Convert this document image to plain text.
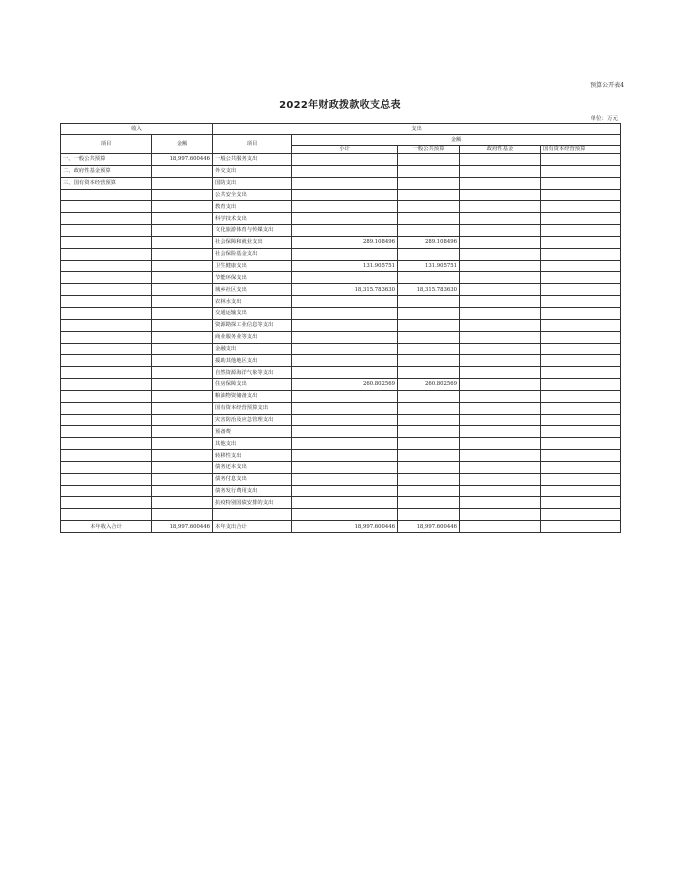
预算公开表4
2022年财政拨款收支总表
单位：万元
收入		支出				
项目	金额	项目	金额			
			小计	一般公共预算	政府性基金	国有资本经营预算
一、一般公共预算	18,997.600446	一般公共服务支出				
二、政府性基金预算		外交支出				
三、国有资本经营预算		国防支出				
		公共安全支出				
		教育支出				
		科学技术支出				
		文化旅游体育与传媒支出				
		社会保障和就业支出	289.108496	289.108496		
		社会保险基金支出				
		卫生健康支出	131.905751	131.905751		
		节能环保支出				
		城乡社区支出	18,315.783630	18,315.783630		
		农林水支出				
		交通运输支出				
		资源勘探工业信息等支出				
		商业服务业等支出				
		金融支出				
		援助其他地区支出				
		自然资源海洋气象等支出				
		住房保障支出	260.802569	260.802569		
		粮油物资储备支出				
		国有资本经营预算支出				
		灾害防治及应急管理支出				
		预备费				
		其他支出				
		转移性支出				
		债务还本支出				
		债务付息支出				
		债务发行费用支出				
		抗疫特别国债安排的支出				

本年收入合计	18,997.600446	本年支出合计	18,997.600446	18,997.600446		
